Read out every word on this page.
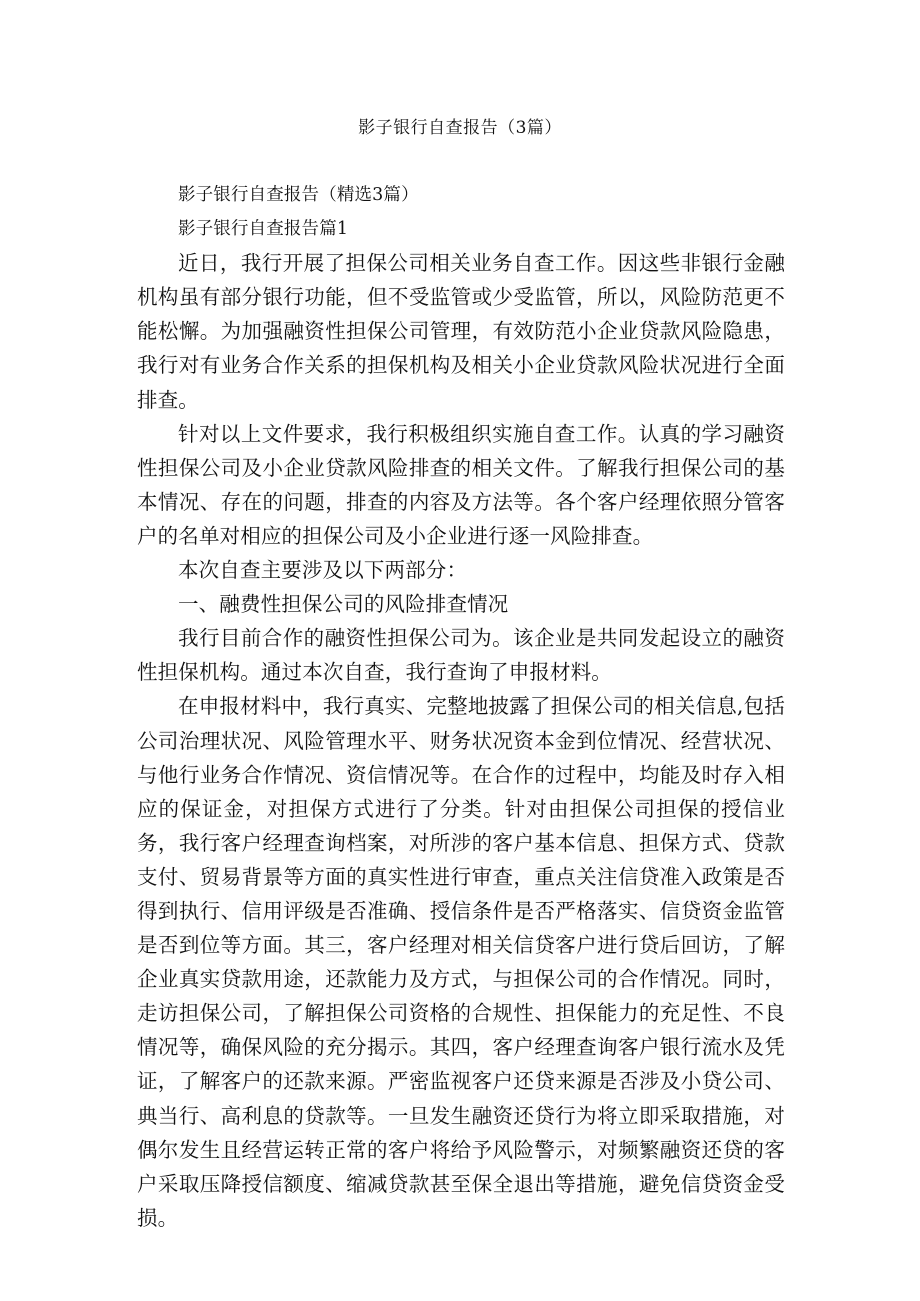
影子银行自查报告（3篇）

影子银行自查报告（精选3篇）

影子银行自查报告篇1

近日，我行开展了担保公司相关业务自查工作。因这些非银行金融机构虽有部分银行功能，但不受监管或少受监管，所以，风险防范更不能松懈。为加强融资性担保公司管理，有效防范小企业贷款风险隐患，我行对有业务合作关系的担保机构及相关小企业贷款风险状况进行全面排查。

针对以上文件要求，我行积极组织实施自查工作。认真的学习融资性担保公司及小企业贷款风险排查的相关文件。了解我行担保公司的基本情况、存在的问题，排查的内容及方法等。各个客户经理依照分管客户的名单对相应的担保公司及小企业进行逐一风险排查。

本次自查主要涉及以下两部分：

一、融费性担保公司的风险排查情况

我行目前合作的融资性担保公司为。该企业是共同发起设立的融资性担保机构。通过本次自查，我行查询了申报材料。

在申报材料中，我行真实、完整地披露了担保公司的相关信息,包括公司治理状况、风险管理水平、财务状况资本金到位情况、经营状况、与他行业务合作情况、资信情况等。在合作的过程中，均能及时存入相应的保证金，对担保方式进行了分类。针对由担保公司担保的授信业务，我行客户经理查询档案，对所涉的客户基本信息、担保方式、贷款支付、贸易背景等方面的真实性进行审查，重点关注信贷准入政策是否得到执行、信用评级是否准确、授信条件是否严格落实、信贷资金监管是否到位等方面。其三，客户经理对相关信贷客户进行贷后回访，了解企业真实贷款用途，还款能力及方式，与担保公司的合作情况。同时，走访担保公司，了解担保公司资格的合规性、担保能力的充足性、不良情况等，确保风险的充分揭示。其四，客户经理查询客户银行流水及凭证，了解客户的还款来源。严密监视客户还贷来源是否涉及小贷公司、典当行、高利息的贷款等。一旦发生融资还贷行为将立即采取措施，对偶尔发生且经营运转正常的客户将给予风险警示，对频繁融资还贷的客户采取压降授信额度、缩减贷款甚至保全退出等措施，避免信贷资金受损。
